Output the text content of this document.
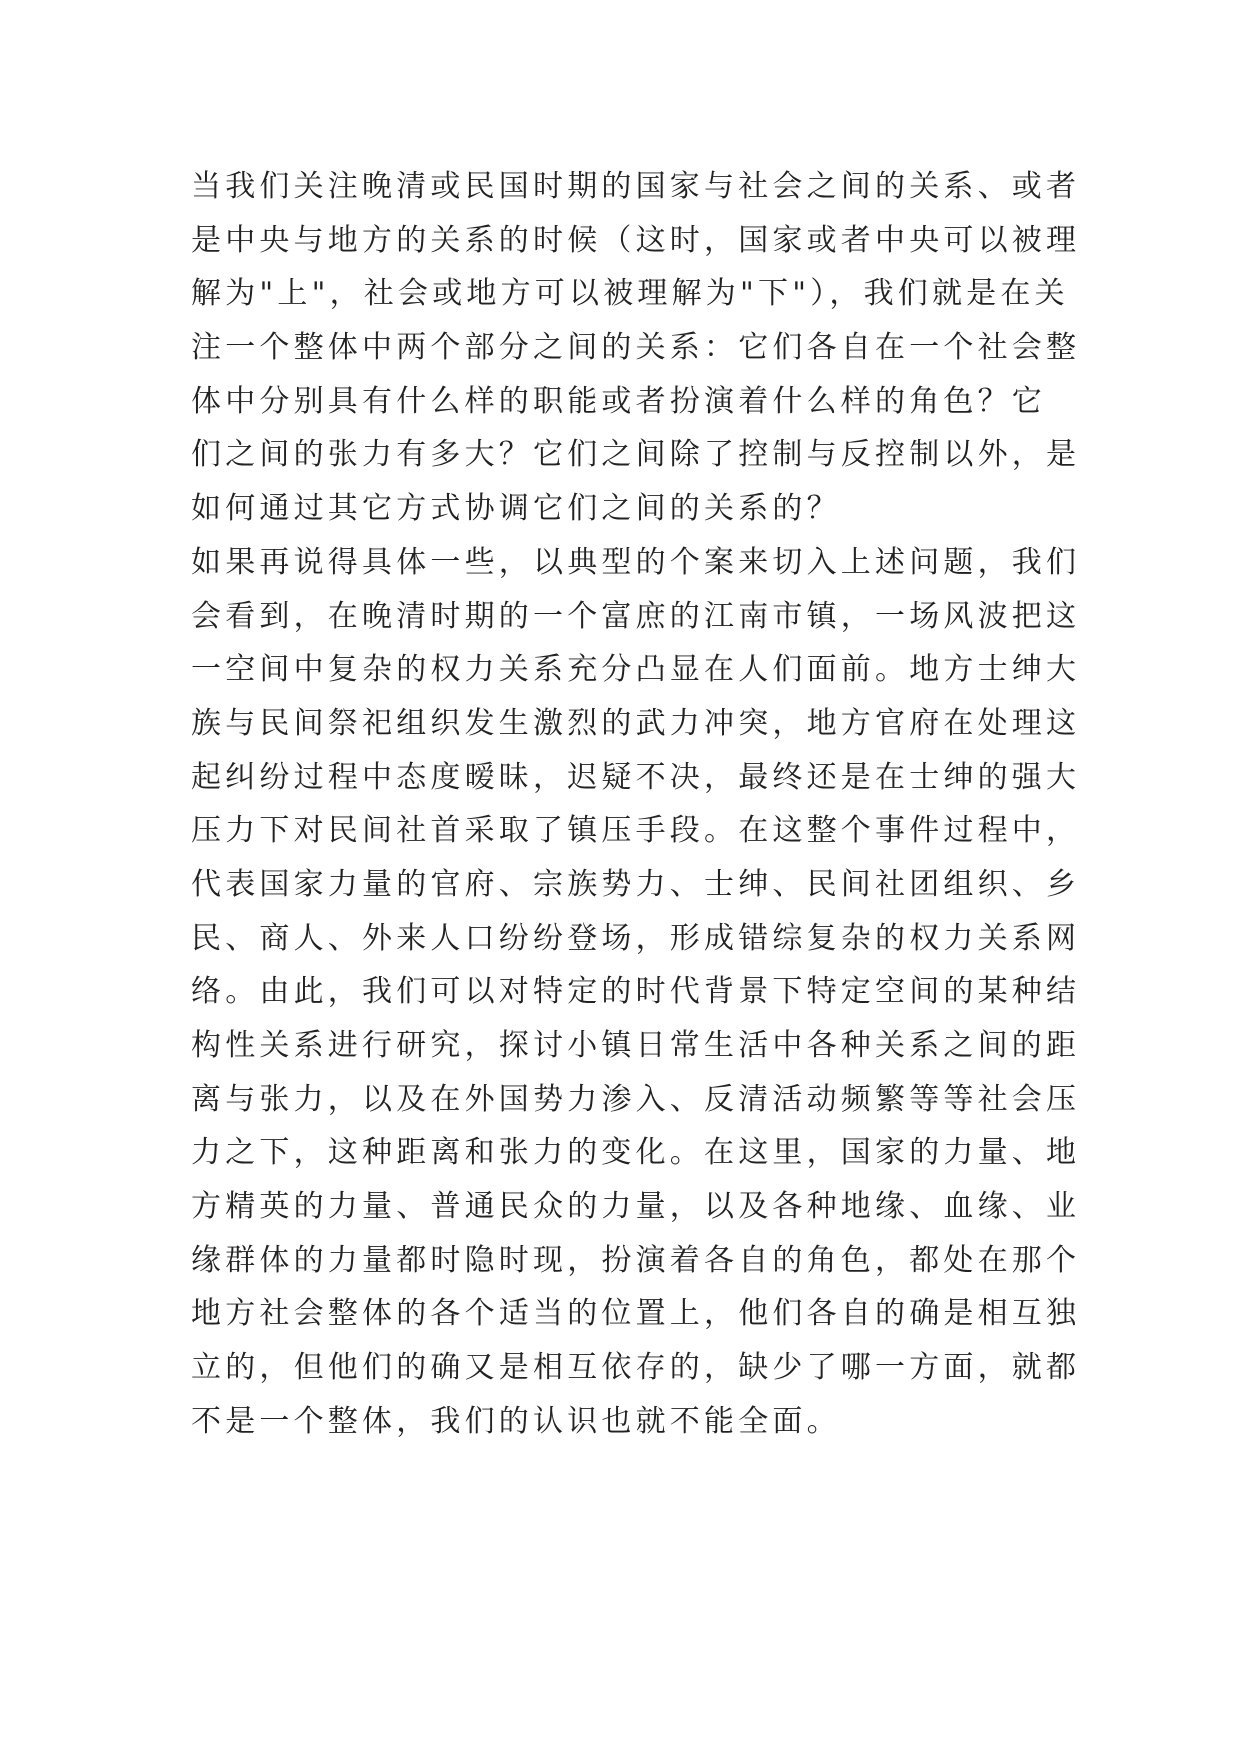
当我们关注晚清或民国时期的国家与社会之间的关系、或者
是中央与地方的关系的时候（这时，国家或者中央可以被理
解为"上"，社会或地方可以被理解为"下"），我们就是在关
注一个整体中两个部分之间的关系：它们各自在一个社会整
体中分别具有什么样的职能或者扮演着什么样的角色？它
们之间的张力有多大？它们之间除了控制与反控制以外，是
如何通过其它方式协调它们之间的关系的？
如果再说得具体一些，以典型的个案来切入上述问题，我们
会看到，在晚清时期的一个富庶的江南市镇，一场风波把这
一空间中复杂的权力关系充分凸显在人们面前。地方士绅大
族与民间祭祀组织发生激烈的武力冲突，地方官府在处理这
起纠纷过程中态度暧昧，迟疑不决，最终还是在士绅的强大
压力下对民间社首采取了镇压手段。在这整个事件过程中，
代表国家力量的官府、宗族势力、士绅、民间社团组织、乡
民、商人、外来人口纷纷登场，形成错综复杂的权力关系网
络。由此，我们可以对特定的时代背景下特定空间的某种结
构性关系进行研究，探讨小镇日常生活中各种关系之间的距
离与张力，以及在外国势力渗入、反清活动频繁等等社会压
力之下，这种距离和张力的变化。在这里，国家的力量、地
方精英的力量、普通民众的力量，以及各种地缘、血缘、业
缘群体的力量都时隐时现，扮演着各自的角色，都处在那个
地方社会整体的各个适当的位置上，他们各自的确是相互独
立的，但他们的确又是相互依存的，缺少了哪一方面，就都
不是一个整体，我们的认识也就不能全面。
